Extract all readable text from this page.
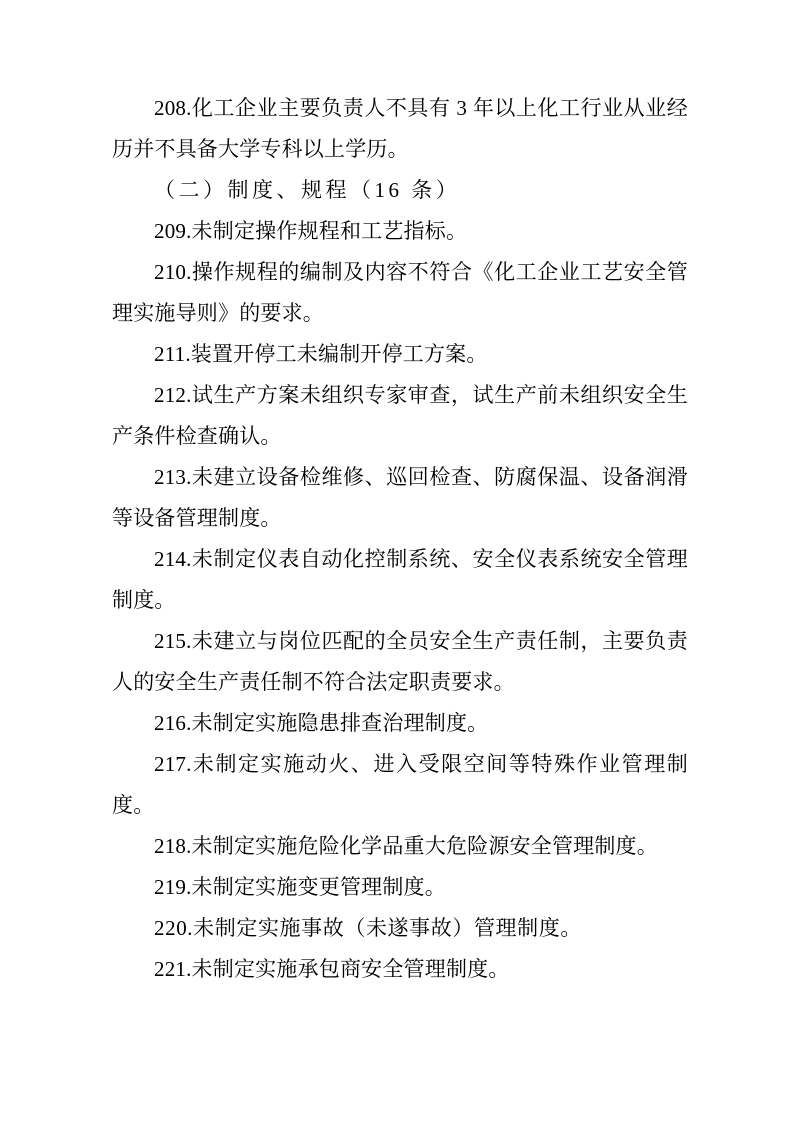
208.化工企业主要负责人不具有 3 年以上化工行业从业经历并不具备大学专科以上学历。

（二）制度、规程（16 条）

209.未制定操作规程和工艺指标。

210.操作规程的编制及内容不符合《化工企业工艺安全管理实施导则》的要求。

211.装置开停工未编制开停工方案。

212.试生产方案未组织专家审查，试生产前未组织安全生产条件检查确认。

213.未建立设备检维修、巡回检查、防腐保温、设备润滑等设备管理制度。

214.未制定仪表自动化控制系统、安全仪表系统安全管理制度。

215.未建立与岗位匹配的全员安全生产责任制，主要负责人的安全生产责任制不符合法定职责要求。

216.未制定实施隐患排查治理制度。

217.未制定实施动火、进入受限空间等特殊作业管理制度。

218.未制定实施危险化学品重大危险源安全管理制度。

219.未制定实施变更管理制度。

220.未制定实施事故（未遂事故）管理制度。

221.未制定实施承包商安全管理制度。
